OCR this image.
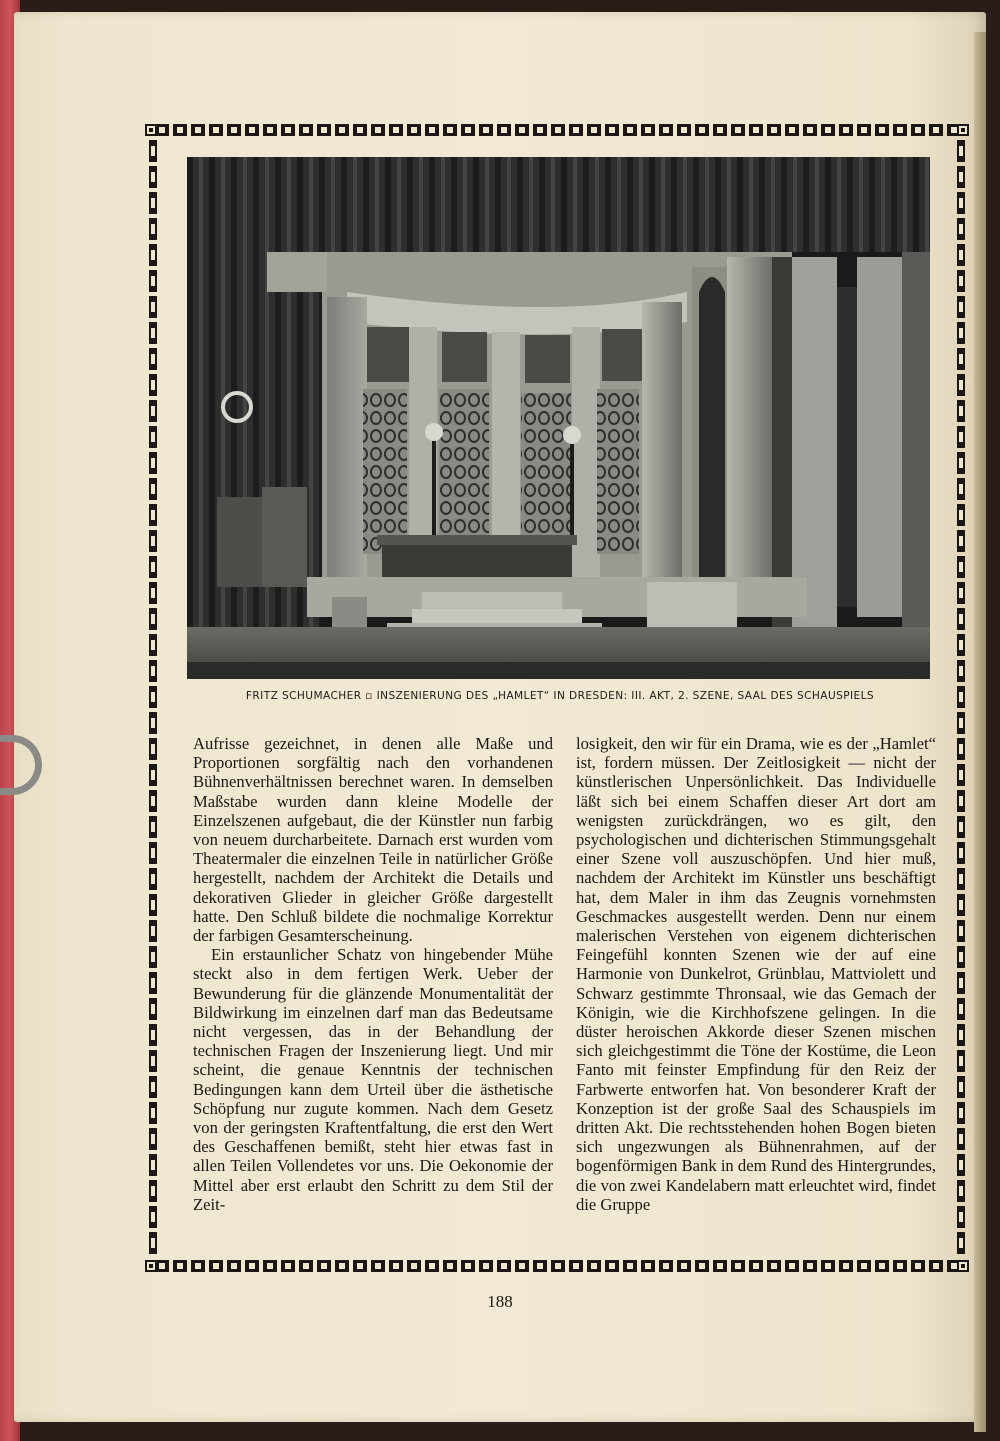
FRITZ SCHUMACHER ▫ INSZENIERUNG DES „HAMLET“ IN DRESDEN: III. AKT, 2. SZENE, SAAL DES SCHAUSPIELS

Aufrisse gezeichnet, in denen alle Maße und Proportionen sorgfältig nach den vorhandenen Bühnenverhältnissen berechnet waren. In demselben Maßstabe wurden dann kleine Modelle der Einzelszenen aufgebaut, die der Künstler nun farbig von neuem durcharbeitete. Darnach erst wurden vom Theatermaler die einzelnen Teile in natürlicher Größe hergestellt, nachdem der Architekt die Details und dekorativen Glieder in gleicher Größe dargestellt hatte. Den Schluß bildete die nochmalige Korrektur der farbigen Gesamterscheinung.

Ein erstaunlicher Schatz von hingebender Mühe steckt also in dem fertigen Werk. Ueber der Bewunderung für die glänzende Monumentalität der Bildwirkung im einzelnen darf man das Bedeutsame nicht vergessen, das in der Behandlung der technischen Fragen der Inszenierung liegt. Und mir scheint, die genaue Kenntnis der technischen Bedingungen kann dem Urteil über die ästhetische Schöpfung nur zugute kommen. Nach dem Gesetz von der geringsten Kraftentfaltung, die erst den Wert des Geschaffenen bemißt, steht hier etwas fast in allen Teilen Vollendetes vor uns. Die Oekonomie der Mittel aber erst erlaubt den Schritt zu dem Stil der Zeit-

losigkeit, den wir für ein Drama, wie es der „Hamlet“ ist, fordern müssen. Der Zeitlosigkeit — nicht der künstlerischen Unpersönlichkeit. Das Individuelle läßt sich bei einem Schaffen dieser Art dort am wenigsten zurückdrängen, wo es gilt, den psychologischen und dichterischen Stimmungsgehalt einer Szene voll auszuschöpfen. Und hier muß, nachdem der Architekt im Künstler uns beschäftigt hat, dem Maler in ihm das Zeugnis vornehmsten Geschmackes ausgestellt werden. Denn nur einem malerischen Verstehen von eigenem dichterischen Feingefühl konnten Szenen wie der auf eine Harmonie von Dunkelrot, Grünblau, Mattviolett und Schwarz gestimmte Thronsaal, wie das Gemach der Königin, wie die Kirchhofszene gelingen. In die düster heroischen Akkorde dieser Szenen mischen sich gleichgestimmt die Töne der Kostüme, die Leon Fanto mit feinster Empfindung für den Reiz der Farbwerte entworfen hat. Von besonderer Kraft der Konzeption ist der große Saal des Schauspiels im dritten Akt. Die rechtsstehenden hohen Bogen bieten sich ungezwungen als Bühnenrahmen, auf der bogenförmigen Bank in dem Rund des Hintergrundes, die von zwei Kandelabern matt erleuchtet wird, findet die Gruppe

188
